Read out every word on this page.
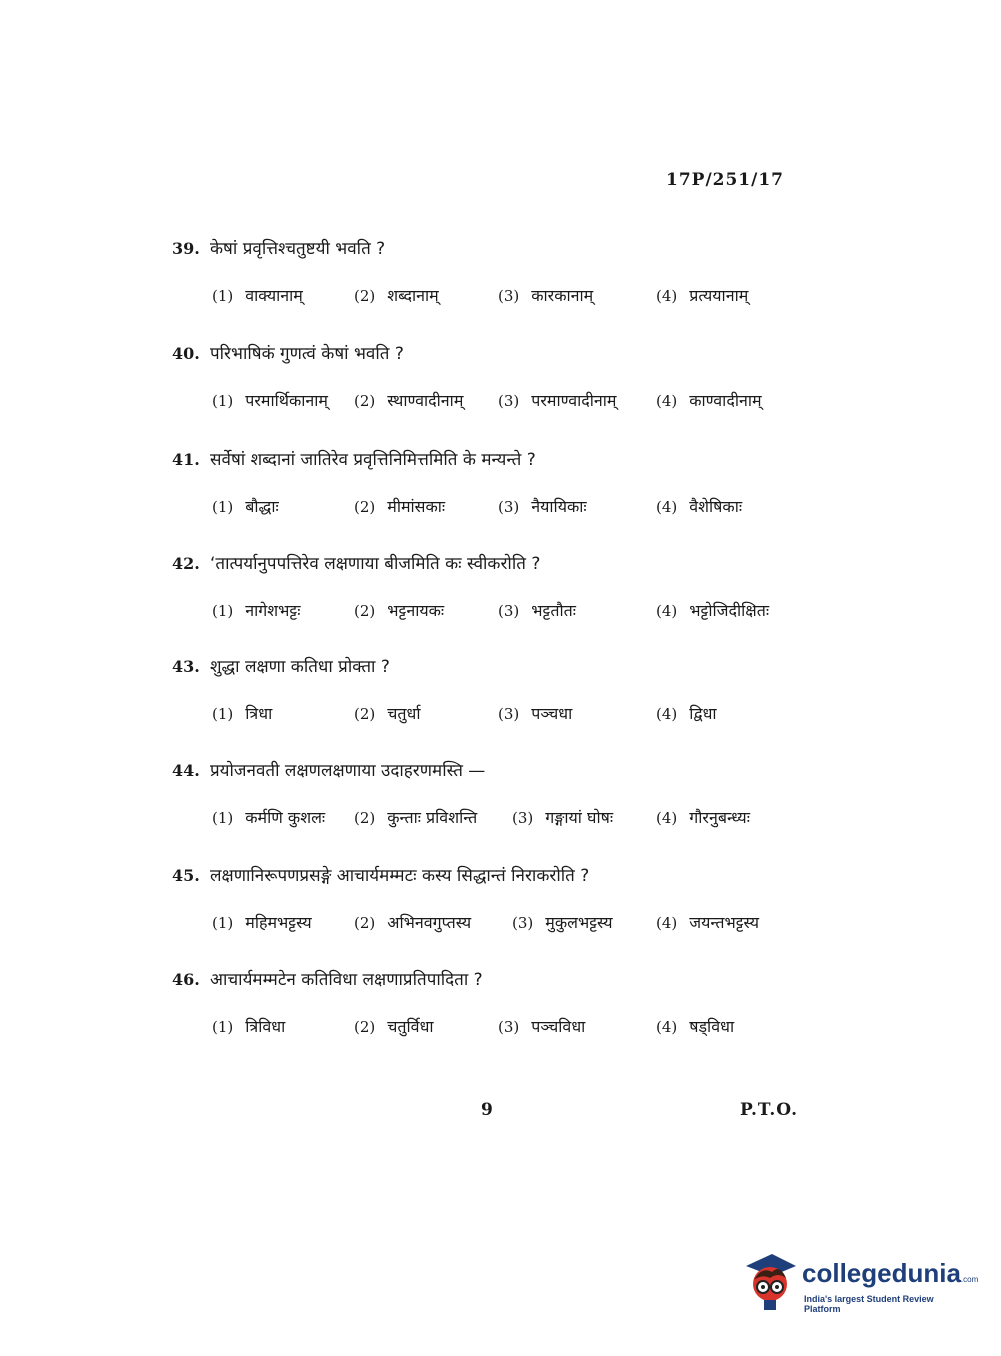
17P/251/17
39. केषां प्रवृत्तिश्चतुष्टयी भवति ?
(1) वाक्यानाम्	(2) शब्दानाम्	(3) कारकानाम्	(4) प्रत्ययानाम्
40. परिभाषिकं गुणत्वं केषां भवति ?
(1) परमार्थिकानाम् (2) स्थाण्वादीनाम् (3) परमाण्वादीनाम्	(4) काण्वादीनाम्
41. सर्वेषां शब्दानां जातिरेव प्रवृत्तिनिमित्तमिति के मन्यन्ते ?
(1) बौद्धाः	(2) मीमांसकाः	(3) नैयायिकाः	(4) वैशेषिकाः
42. ‘तात्पर्यानुपपत्तिरेव लक्षणाया बीजमिति कः स्वीकरोति ?
(1) नागेशभट्टः	(2) भट्टनायकः	(3) भट्टतौतः	(4) भट्टोजिदीक्षितः
43. शुद्धा लक्षणा कतिधा प्रोक्ता ?
(1) त्रिधा	(2) चतुर्धा	(3) पञ्चधा	(4) द्विधा
44. प्रयोजनवती लक्षणलक्षणाया उदाहरणमस्ति —
(1) कर्मणि कुशलः (2) कुन्ताः प्रविशन्ति (3) गङ्गायां घोषः	(4) गौरनुबन्ध्यः
45. लक्षणानिरूपणप्रसङ्गे आचार्यमम्मटः कस्य सिद्धान्तं निराकरोति ?
(1) महिमभट्टस्य	(2) अभिनवगुप्तस्य	(3) मुकुलभट्टस्य	(4) जयन्तभट्टस्य
46. आचार्यमम्मटेन कतिविधा लक्षणाप्रतिपादिता ?
(1) त्रिविधा	(2) चतुर्विधा	(3) पञ्चविधा	(4) षड्विधा
9	P.T.O.
collegedunia.com
India's largest Student Review Platform
